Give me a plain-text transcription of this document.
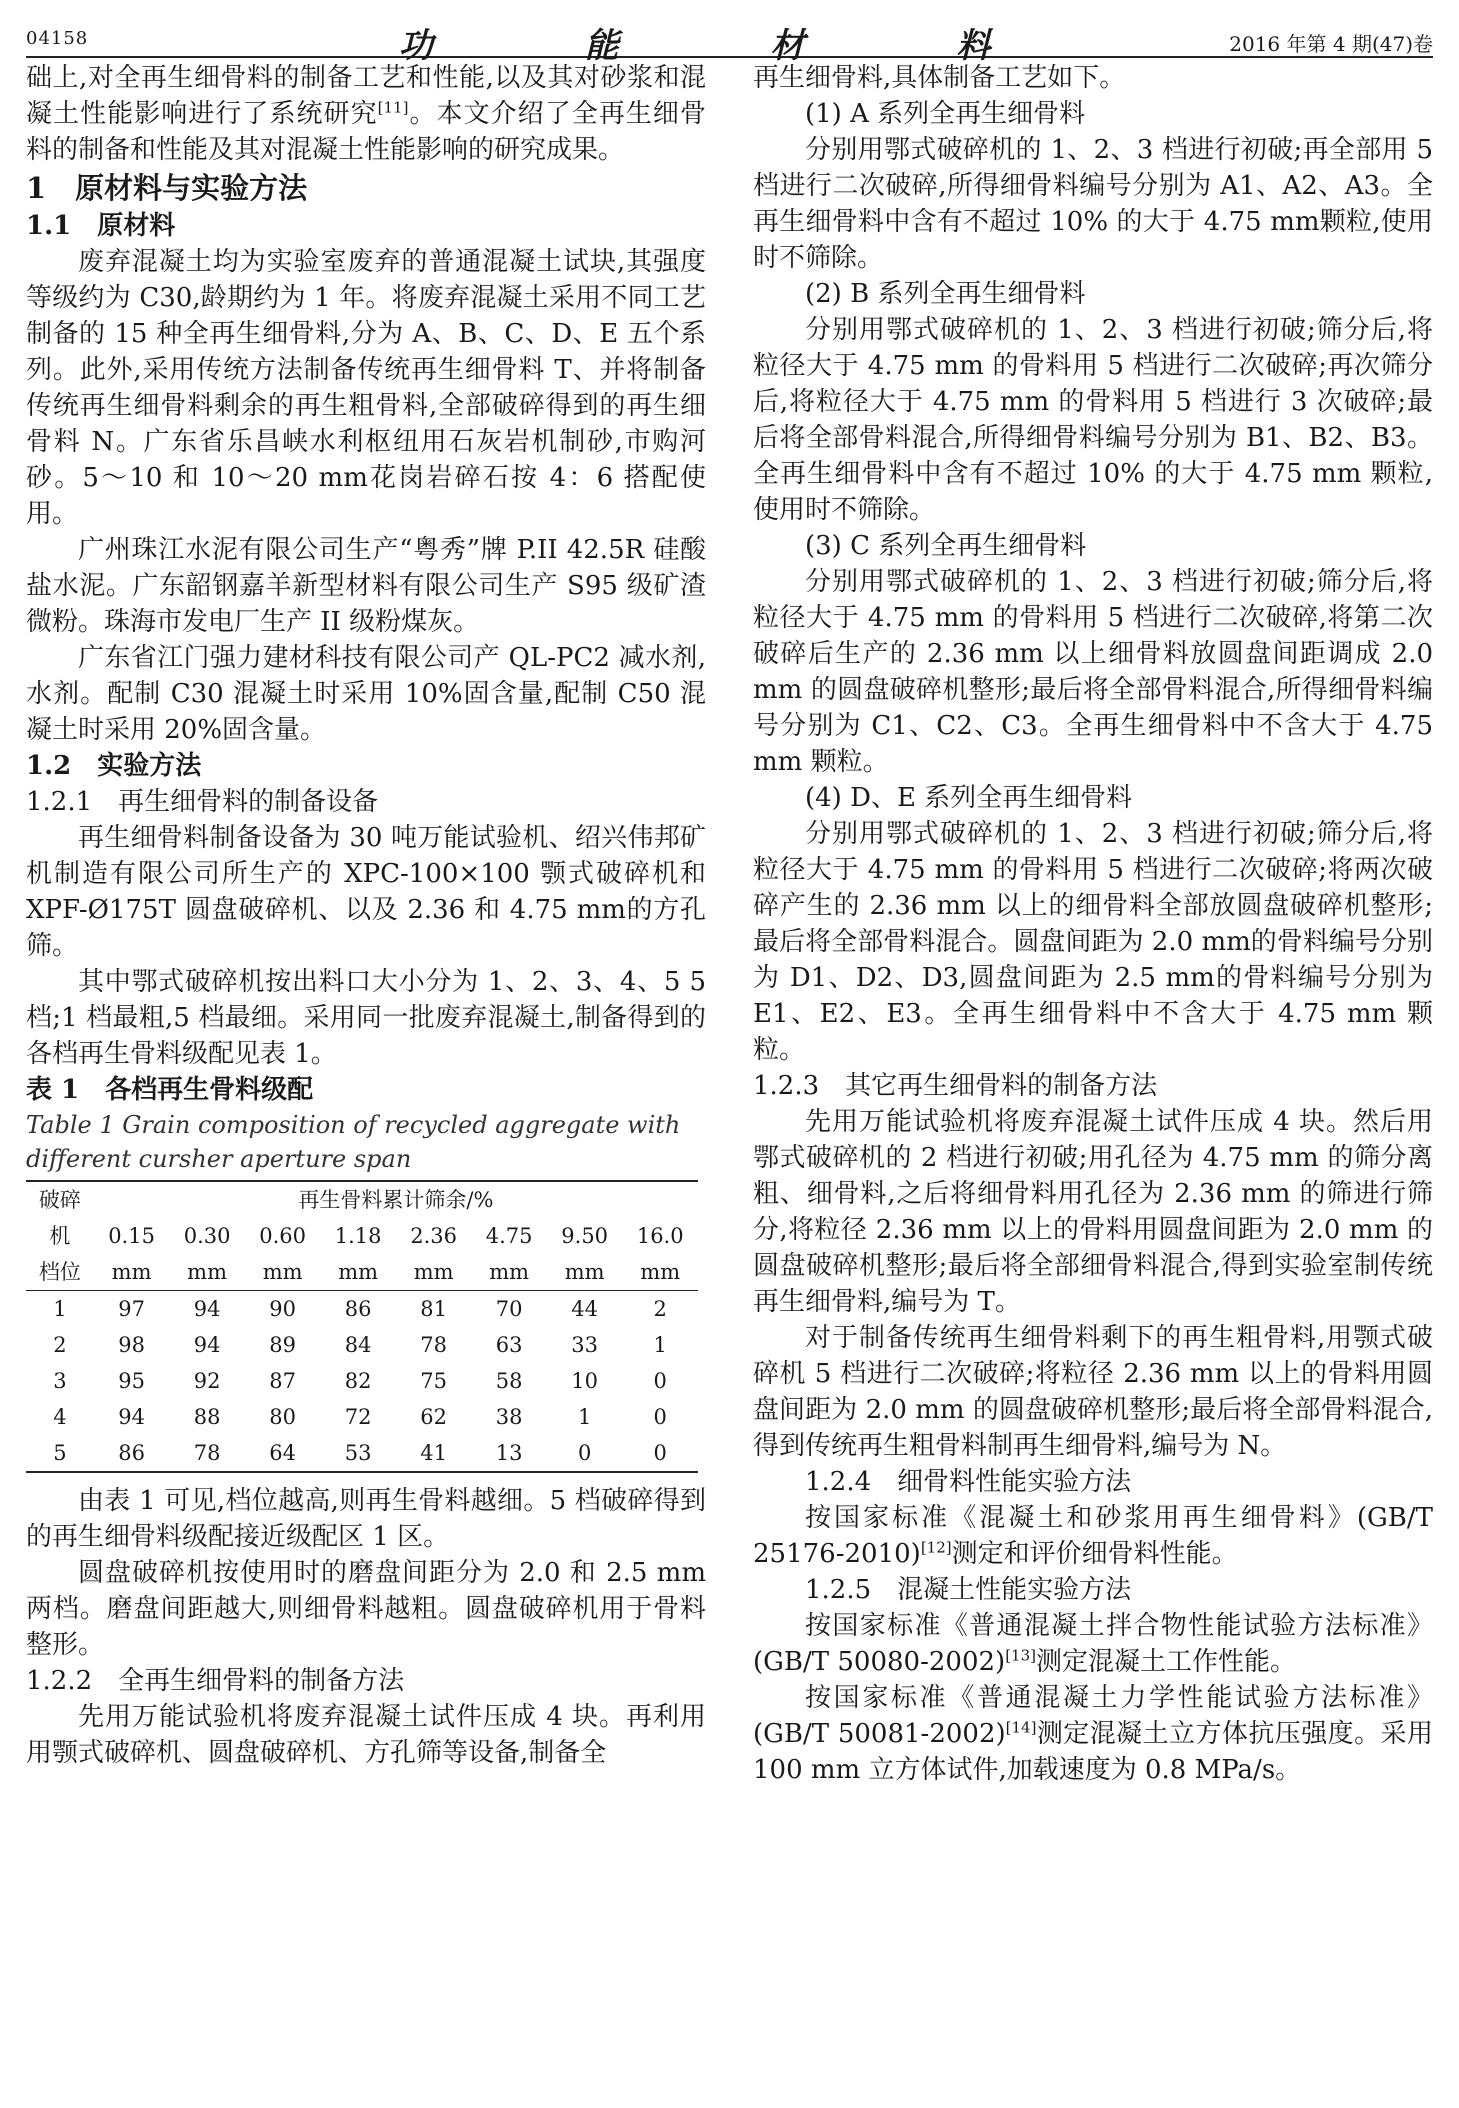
04158	功 能 材 料	2016 年第 4 期(47)卷

础上,对全再生细骨料的制备工艺和性能,以及其对砂浆和混凝土性能影响进行了系统研究[11]。本文介绍了全再生细骨料的制备和性能及其对混凝土性能影响的研究成果。

1　原材料与实验方法

1.1　原材料

废弃混凝土均为实验室废弃的普通混凝土试块,其强度等级约为 C30,龄期约为 1 年。将废弃混凝土采用不同工艺制备的 15 种全再生细骨料,分为 A、B、C、D、E 五个系列。此外,采用传统方法制备传统再生细骨料 T、并将制备传统再生细骨料剩余的再生粗骨料,全部破碎得到的再生细骨料 N。广东省乐昌峡水利枢纽用石灰岩机制砂,市购河砂。5～10 和 10～20 mm花岗岩碎石按 4：6 搭配使用。

广州珠江水泥有限公司生产“粤秀”牌 P.II 42.5R 硅酸盐水泥。广东韶钢嘉羊新型材料有限公司生产 S95 级矿渣微粉。珠海市发电厂生产 II 级粉煤灰。

广东省江门强力建材科技有限公司产 QL-PC2 减水剂,水剂。配制 C30 混凝土时采用 10%固含量,配制 C50 混凝土时采用 20%固含量。

1.2　实验方法

1.2.1　再生细骨料的制备设备

再生细骨料制备设备为 30 吨万能试验机、绍兴伟邦矿机制造有限公司所生产的 XPC-100×100 颚式破碎机和 XPF-Ø175T 圆盘破碎机、以及 2.36 和 4.75 mm的方孔筛。

其中鄂式破碎机按出料口大小分为 1、2、3、4、5 5 档;1 档最粗,5 档最细。采用同一批废弃混凝土,制备得到的各档再生骨料级配见表 1。

表 1　各档再生骨料级配

Table 1 Grain composition of recycled aggregate with

different cursher aperture span

破碎	再生骨料累计筛余/%							
机	0.15	0.30	0.60	1.18	2.36	4.75	9.50	16.0
档位	mm	mm	mm	mm	mm	mm	mm	mm
1	97	94	90	86	81	70	44	2
2	98	94	89	84	78	63	33	1
3	95	92	87	82	75	58	10	0
4	94	88	80	72	62	38	1	0
5	86	78	64	53	41	13	0	0

由表 1 可见,档位越高,则再生骨料越细。5 档破碎得到的再生细骨料级配接近级配区 1 区。

圆盘破碎机按使用时的磨盘间距分为 2.0 和 2.5 mm两档。磨盘间距越大,则细骨料越粗。圆盘破碎机用于骨料整形。

1.2.2　全再生细骨料的制备方法

先用万能试验机将废弃混凝土试件压成 4 块。再利用用颚式破碎机、圆盘破碎机、方孔筛等设备,制备全

再生细骨料,具体制备工艺如下。

(1) A 系列全再生细骨料

分别用鄂式破碎机的 1、2、3 档进行初破;再全部用 5 档进行二次破碎,所得细骨料编号分别为 A1、A2、A3。全再生细骨料中含有不超过 10% 的大于 4.75 mm颗粒,使用时不筛除。

(2) B 系列全再生细骨料

分别用鄂式破碎机的 1、2、3 档进行初破;筛分后,将粒径大于 4.75 mm 的骨料用 5 档进行二次破碎;再次筛分后,将粒径大于 4.75 mm 的骨料用 5 档进行 3 次破碎;最后将全部骨料混合,所得细骨料编号分别为 B1、B2、B3。全再生细骨料中含有不超过 10% 的大于 4.75 mm 颗粒,使用时不筛除。

(3) C 系列全再生细骨料

分别用鄂式破碎机的 1、2、3 档进行初破;筛分后,将粒径大于 4.75 mm 的骨料用 5 档进行二次破碎,将第二次破碎后生产的 2.36 mm 以上细骨料放圆盘间距调成 2.0 mm 的圆盘破碎机整形;最后将全部骨料混合,所得细骨料编号分别为 C1、C2、C3。全再生细骨料中不含大于 4.75 mm 颗粒。

(4) D、E 系列全再生细骨料

分别用鄂式破碎机的 1、2、3 档进行初破;筛分后,将粒径大于 4.75 mm 的骨料用 5 档进行二次破碎;将两次破碎产生的 2.36 mm 以上的细骨料全部放圆盘破碎机整形;最后将全部骨料混合。圆盘间距为 2.0 mm的骨料编号分别为 D1、D2、D3,圆盘间距为 2.5 mm的骨料编号分别为 E1、E2、E3。全再生细骨料中不含大于 4.75 mm 颗粒。

1.2.3　其它再生细骨料的制备方法

先用万能试验机将废弃混凝土试件压成 4 块。然后用鄂式破碎机的 2 档进行初破;用孔径为 4.75 mm 的筛分离粗、细骨料,之后将细骨料用孔径为 2.36 mm 的筛进行筛分,将粒径 2.36 mm 以上的骨料用圆盘间距为 2.0 mm 的圆盘破碎机整形;最后将全部细骨料混合,得到实验室制传统再生细骨料,编号为 T。

对于制备传统再生细骨料剩下的再生粗骨料,用颚式破碎机 5 档进行二次破碎;将粒径 2.36 mm 以上的骨料用圆盘间距为 2.0 mm 的圆盘破碎机整形;最后将全部骨料混合,得到传统再生粗骨料制再生细骨料,编号为 N。

1.2.4　细骨料性能实验方法

按国家标准《混凝土和砂浆用再生细骨料》(GB/T 25176-2010)[12]测定和评价细骨料性能。

1.2.5　混凝土性能实验方法

按国家标准《普通混凝土拌合物性能试验方法标准》(GB/T 50080-2002)[13]测定混凝土工作性能。

按国家标准《普通混凝土力学性能试验方法标准》(GB/T 50081-2002)[14]测定混凝土立方体抗压强度。采用 100 mm 立方体试件,加载速度为 0.8 MPa/s。
